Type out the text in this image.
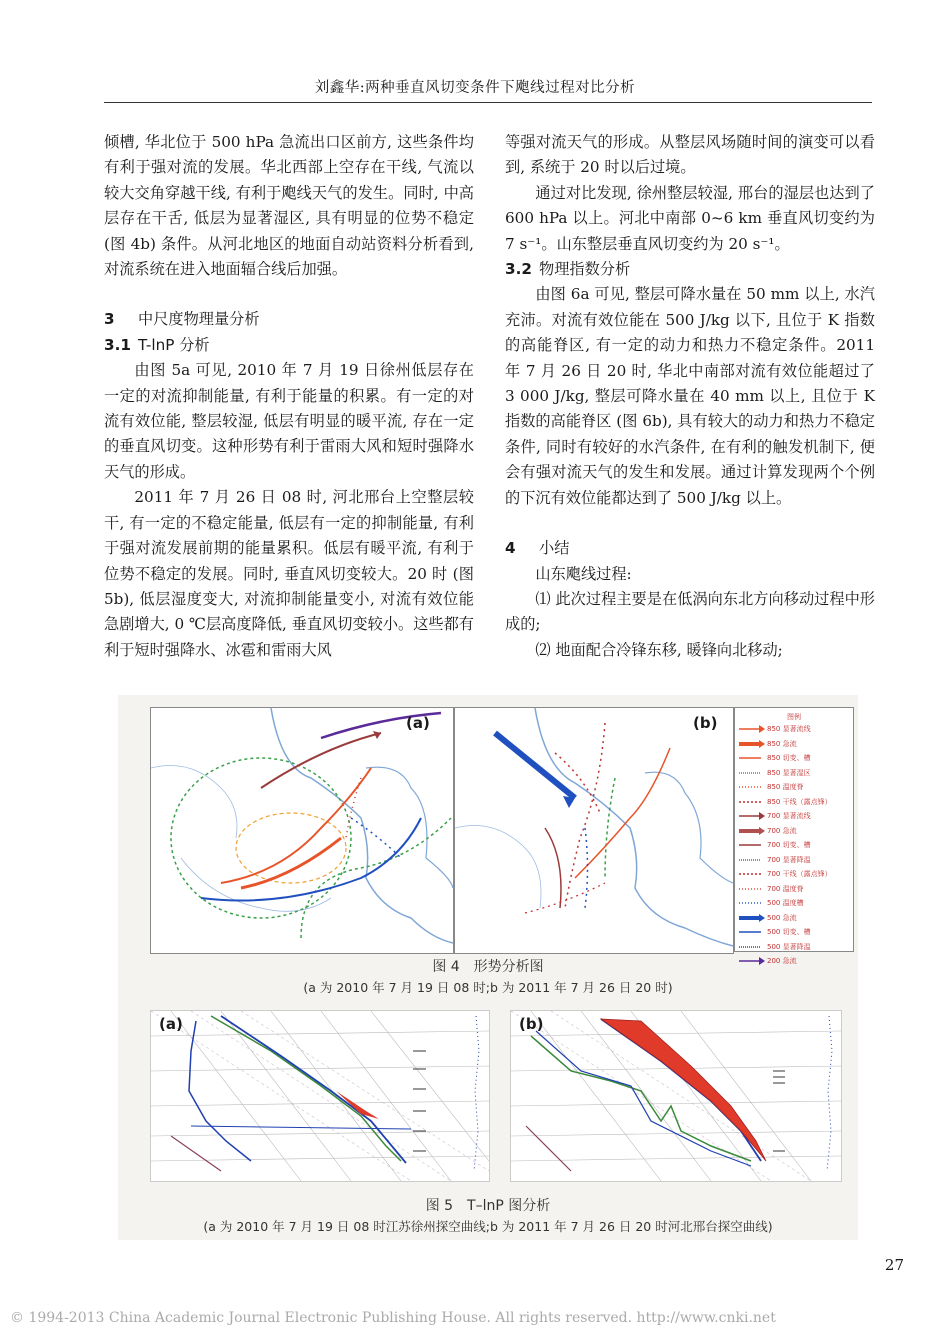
刘鑫华:两种垂直风切变条件下飑线过程对比分析

倾槽, 华北位于 500 hPa 急流出口区前方, 这些条件均有利于强对流的发展。华北西部上空存在干线, 气流以较大交角穿越干线, 有利于飑线天气的发生。同时, 中高层存在干舌, 低层为显著湿区, 具有明显的位势不稳定 (图 4b) 条件。从河北地区的地面自动站资料分析看到, 对流系统在进入地面辐合线后加强。

3 中尺度物理量分析
3.1 T-lnP 分析

由图 5a 可见, 2010 年 7 月 19 日徐州低层存在一定的对流抑制能量, 有利于能量的积累。有一定的对流有效位能, 整层较湿, 低层有明显的暖平流, 存在一定的垂直风切变。这种形势有利于雷雨大风和短时强降水天气的形成。

2011 年 7 月 26 日 08 时, 河北邢台上空整层较干, 有一定的不稳定能量, 低层有一定的抑制能量, 有利于强对流发展前期的能量累积。低层有暖平流, 有利于位势不稳定的发展。同时, 垂直风切变较大。20 时 (图 5b), 低层湿度变大, 对流抑制能量变小, 对流有效位能急剧增大, 0 ℃层高度降低, 垂直风切变较小。这些都有利于短时强降水、冰雹和雷雨大风

等强对流天气的形成。从整层风场随时间的演变可以看到, 系统于 20 时以后过境。

通过对比发现, 徐州整层较湿, 邢台的湿层也达到了 600 hPa 以上。河北中南部 0~6 km 垂直风切变约为 7 s⁻¹。山东整层垂直风切变约为 20 s⁻¹。

3.2 物理指数分析

由图 6a 可见, 整层可降水量在 50 mm 以上, 水汽充沛。对流有效位能在 500 J/kg 以下, 且位于 K 指数的高能脊区, 有一定的动力和热力不稳定条件。2011 年 7 月 26 日 20 时, 华北中南部对流有效位能超过了 3 000 J/kg, 整层可降水量在 40 mm 以上, 且位于 K 指数的高能脊区 (图 6b), 具有较大的动力和热力不稳定条件, 同时有较好的水汽条件, 在有利的触发机制下, 便会有强对流天气的发生和发展。通过计算发现两个个例的下沉有效位能都达到了 500 J/kg 以上。

4 小结

山东飑线过程:

⑴ 此次过程主要是在低涡向东北方向移动过程中形成的;

⑵ 地面配合冷锋东移, 暖锋向北移动;

(a)	(b)	图例
850 显著流线
850 急流
850 切变、槽
850 显著湿区
850 温度脊
850 干线（露点锋）
700 显著流线
700 急流
700 切变、槽
700 显著降温
700 干线（露点锋）
700 温度脊
500 温度槽
500 急流
500 切变、槽
500 显著降温
200 急流
图 4　形势分析图
(a 为 2010 年 7 月 19 日 08 时;b 为 2011 年 7 月 26 日 20 时)
(a)	(b)
图 5　T–lnP 图分析
(a 为 2010 年 7 月 19 日 08 时江苏徐州探空曲线;b 为 2011 年 7 月 26 日 20 时河北邢台探空曲线)
27
© 1994-2013 China Academic Journal Electronic Publishing House. All rights reserved. http://www.cnki.net
